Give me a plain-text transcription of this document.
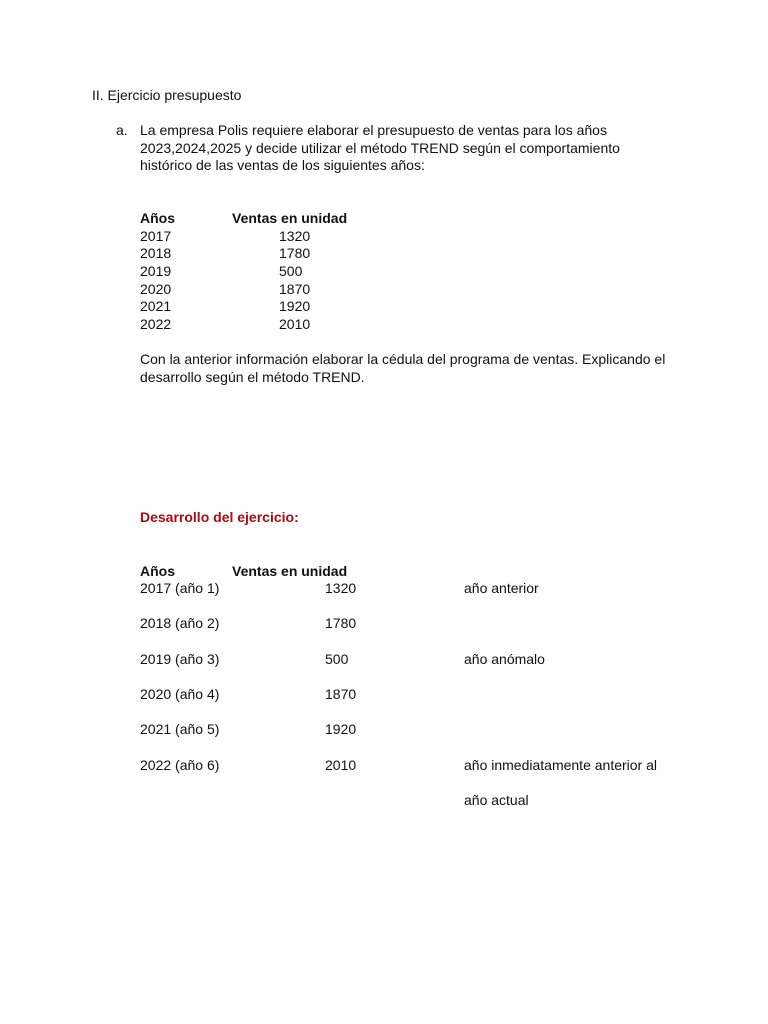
II. Ejercicio presupuesto
a. La empresa Polis requiere elaborar el presupuesto de ventas para los años
2023,2024,2025 y decide utilizar el método TREND según el comportamiento
histórico de las ventas de los siguientes años:
Años	Ventas en unidad
2017	1320
2018	1780
2019	500
2020	1870
2021	1920
2022	2010
Con la anterior información elaborar la cédula del programa de ventas. Explicando el
desarrollo según el método TREND.
Desarrollo del ejercicio:
Años	Ventas en unidad
2017 (año 1)	1320	año anterior
2018 (año 2)	1780
2019 (año 3)	500	año anómalo
2020 (año 4)	1870
2021 (año 5)	1920
2022 (año 6)	2010	año inmediatamente anterior al
año actual
